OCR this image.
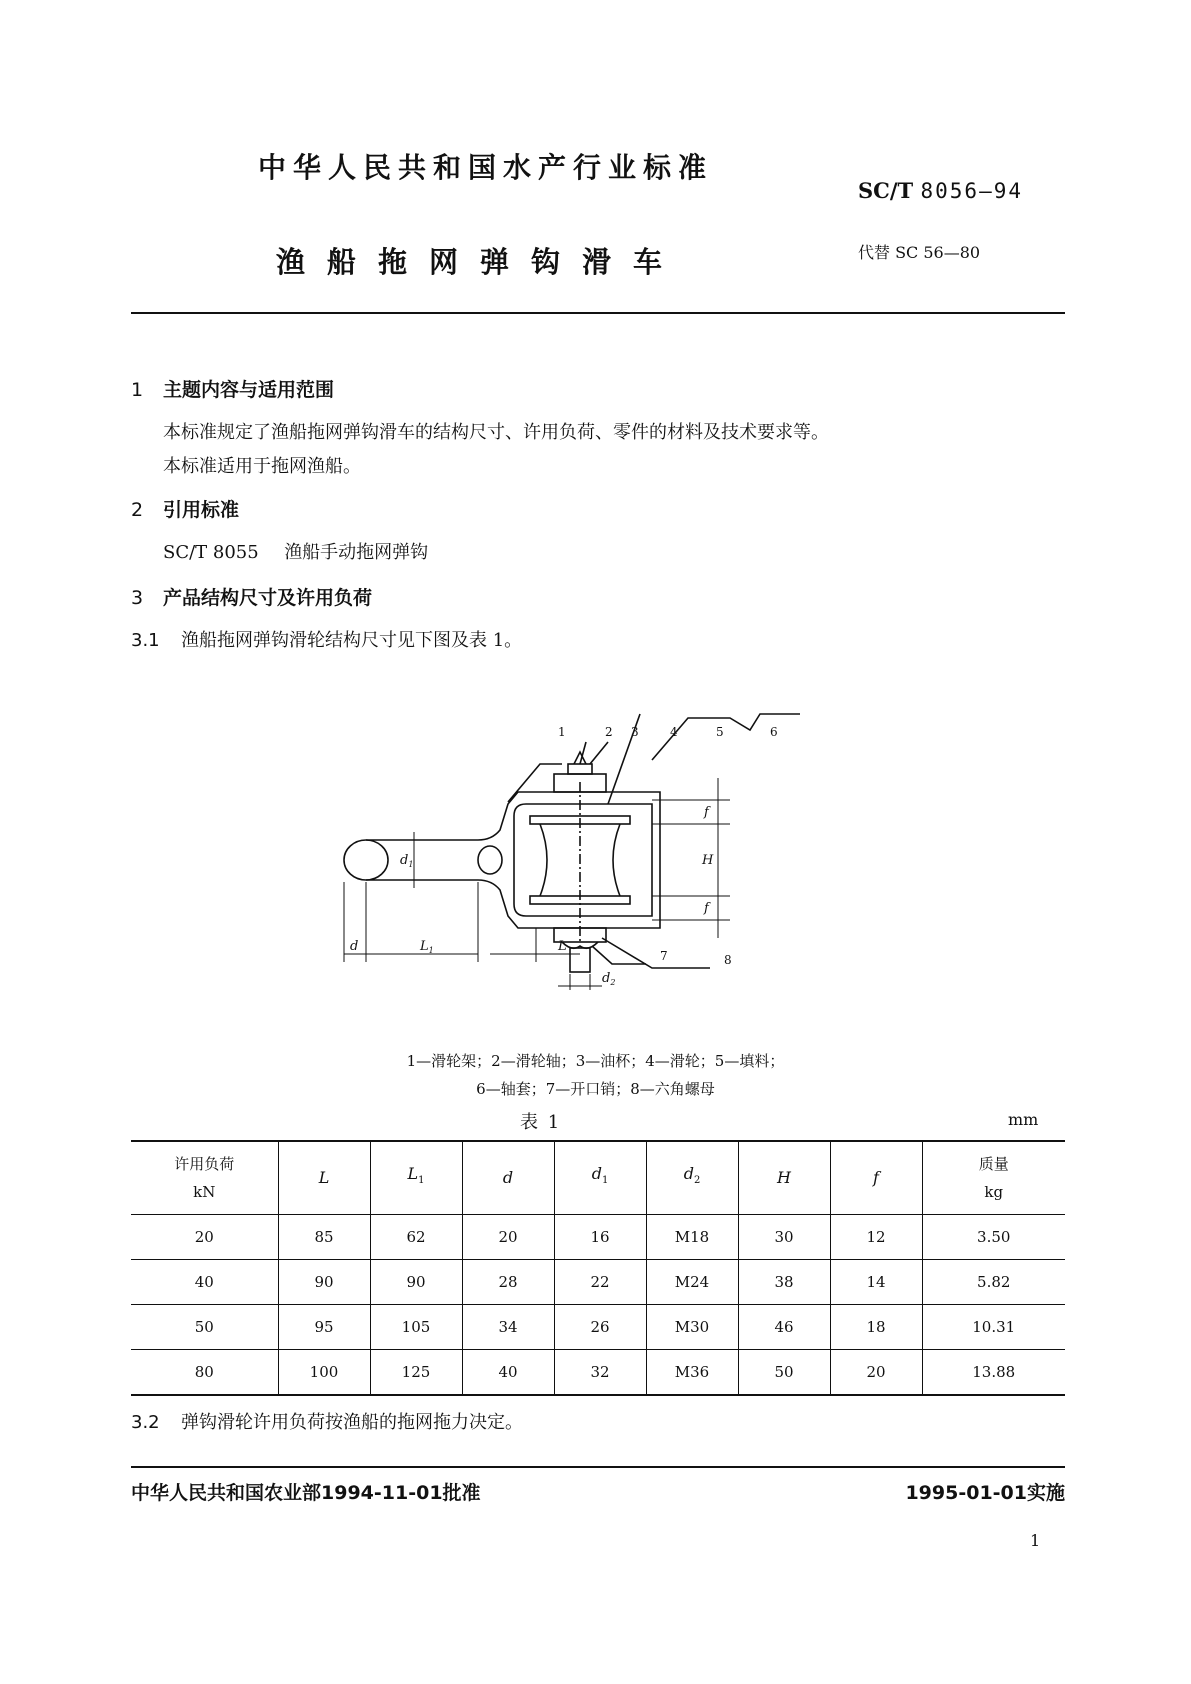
中华人民共和国水产行业标准
SC/T 8056—94
渔船拖网弹钩滑车	代替 SC 56—80
1 主题内容与适用范围
本标准规定了渔船拖网弹钩滑车的结构尺寸、许用负荷、零件的材料及技术要求等。
本标准适用于拖网渔船。
2 引用标准
SC/T 8055 渔船手动拖网弹钩
3 产品结构尺寸及许用负荷
3.1 渔船拖网弹钩滑轮结构尺寸见下图及表 1。
1	2 3	4	5	6
7	8
d
$d_1$
$L_1$	L
$d_2$
H
f
f
1—滑轮架；2—滑轮轴；3—油杯；4—滑轮；5—填料；
6—轴套；7—开口销；8—六角螺母
表 1	mm
许用负荷
kN	L	$L_1$	d	$d_1$	$d_2$	H	f	质量
kg
20	85	62	20	16	M18	30	12	3.50
40	90	90	28	22	M24	38	14	5.82
50	95	105	34	26	M30	46	18	10.31
80	100	125	40	32	M36	50	20	13.88
3.2 弹钩滑轮许用负荷按渔船的拖网拖力决定。
中华人民共和国农业部1994-11-01批准	1995-01-01实施
1
